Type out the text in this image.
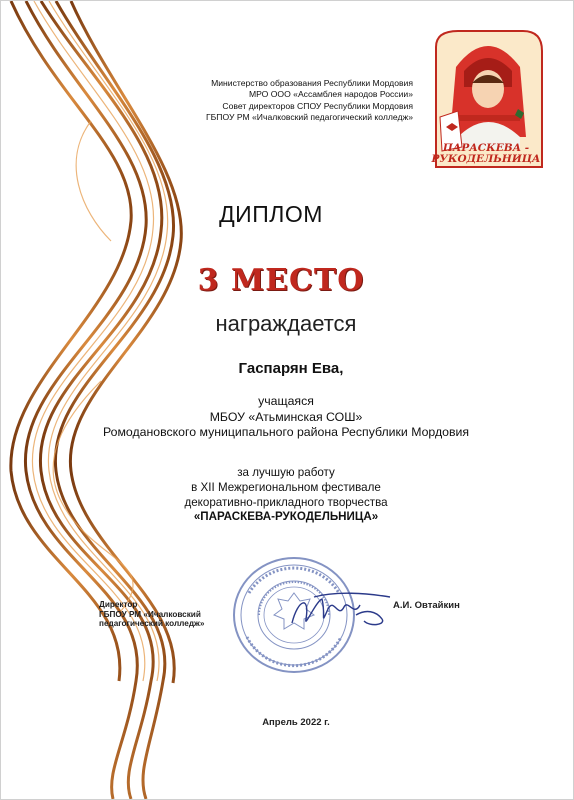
Министерство образования Республики Мордовия
МРО ООО «Ассамблея народов России»
Совет директоров СПОУ Республики Мордовия
ГБПОУ РМ «Ичалковский педагогический колледж»
ПАРАСКЕВА -
РУКОДЕЛЬНИЦА
ДИПЛОМ
3 МЕСТО
награждается
Гаспарян Ева,
учащаяся
МБОУ «Атьминская СОШ»
Ромодановского муниципального района Республики Мордовия
за лучшую работу
в XII Межрегиональном фестивале
декоративно-прикладного творчества
«ПАРАСКЕВА-РУКОДЕЛЬНИЦА»
Директор
ГБПОУ РМ «Ичалковский
педагогический колледж»
А.И. Овтайкин
Апрель 2022 г.
